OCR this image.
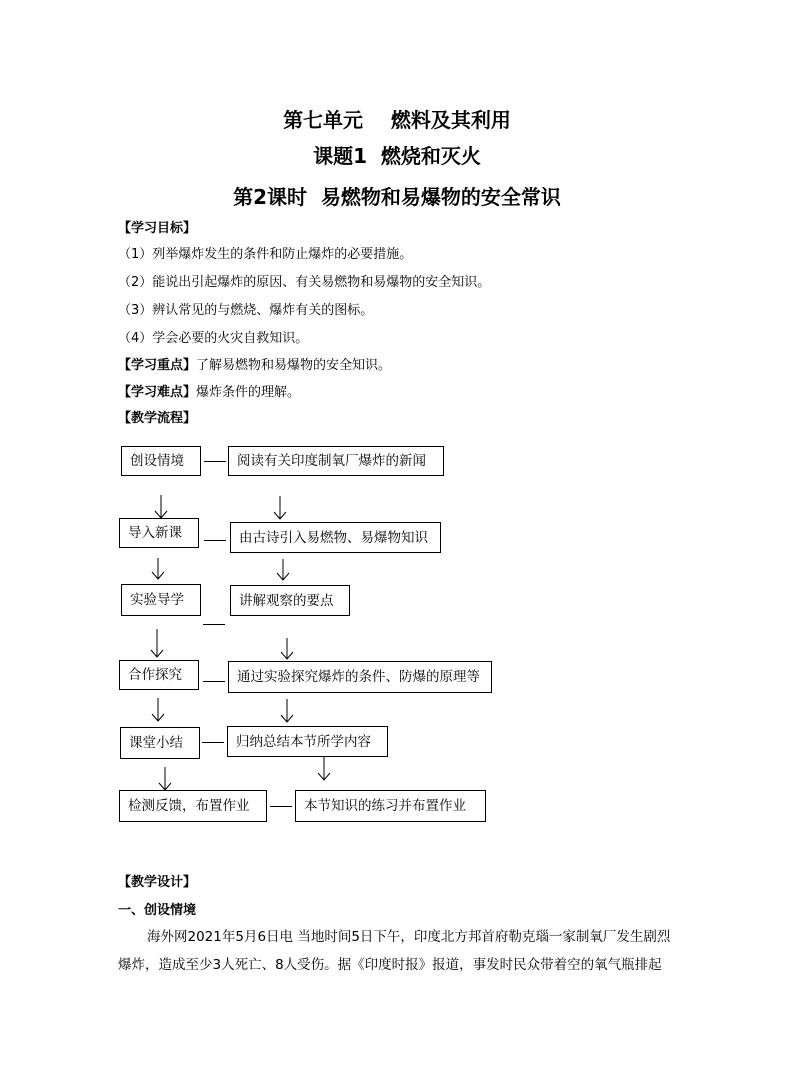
第七单元    燃料及其利用
课题1  燃烧和灭火
第2课时  易燃物和易爆物的安全常识
【学习目标】
（1）列举爆炸发生的条件和防止爆炸的必要措施。
（2）能说出引起爆炸的原因、有关易燃物和易爆物的安全知识。
（3）辨认常见的与燃烧、爆炸有关的图标。
（4）学会必要的火灾自救知识。
【学习重点】了解易燃物和易爆物的安全知识。
【学习难点】爆炸条件的理解。
【教学流程】
创设情境	阅读有关印度制氧厂爆炸的新闻
导入新课	由古诗引入易燃物、易爆物知识
实验导学	讲解观察的要点
合作探究	通过实验探究爆炸的条件、防爆的原理等
课堂小结	归纳总结本节所学内容
检测反馈，布置作业	本节知识的练习并布置作业
【教学设计】
一、创设情境
海外网2021年5月6日电 当地时间5日下午，印度北方邦首府勒克瑙一家制氧厂发生剧烈
爆炸，造成至少3人死亡、8人受伤。据《印度时报》报道，事发时民众带着空的氧气瓶排起
